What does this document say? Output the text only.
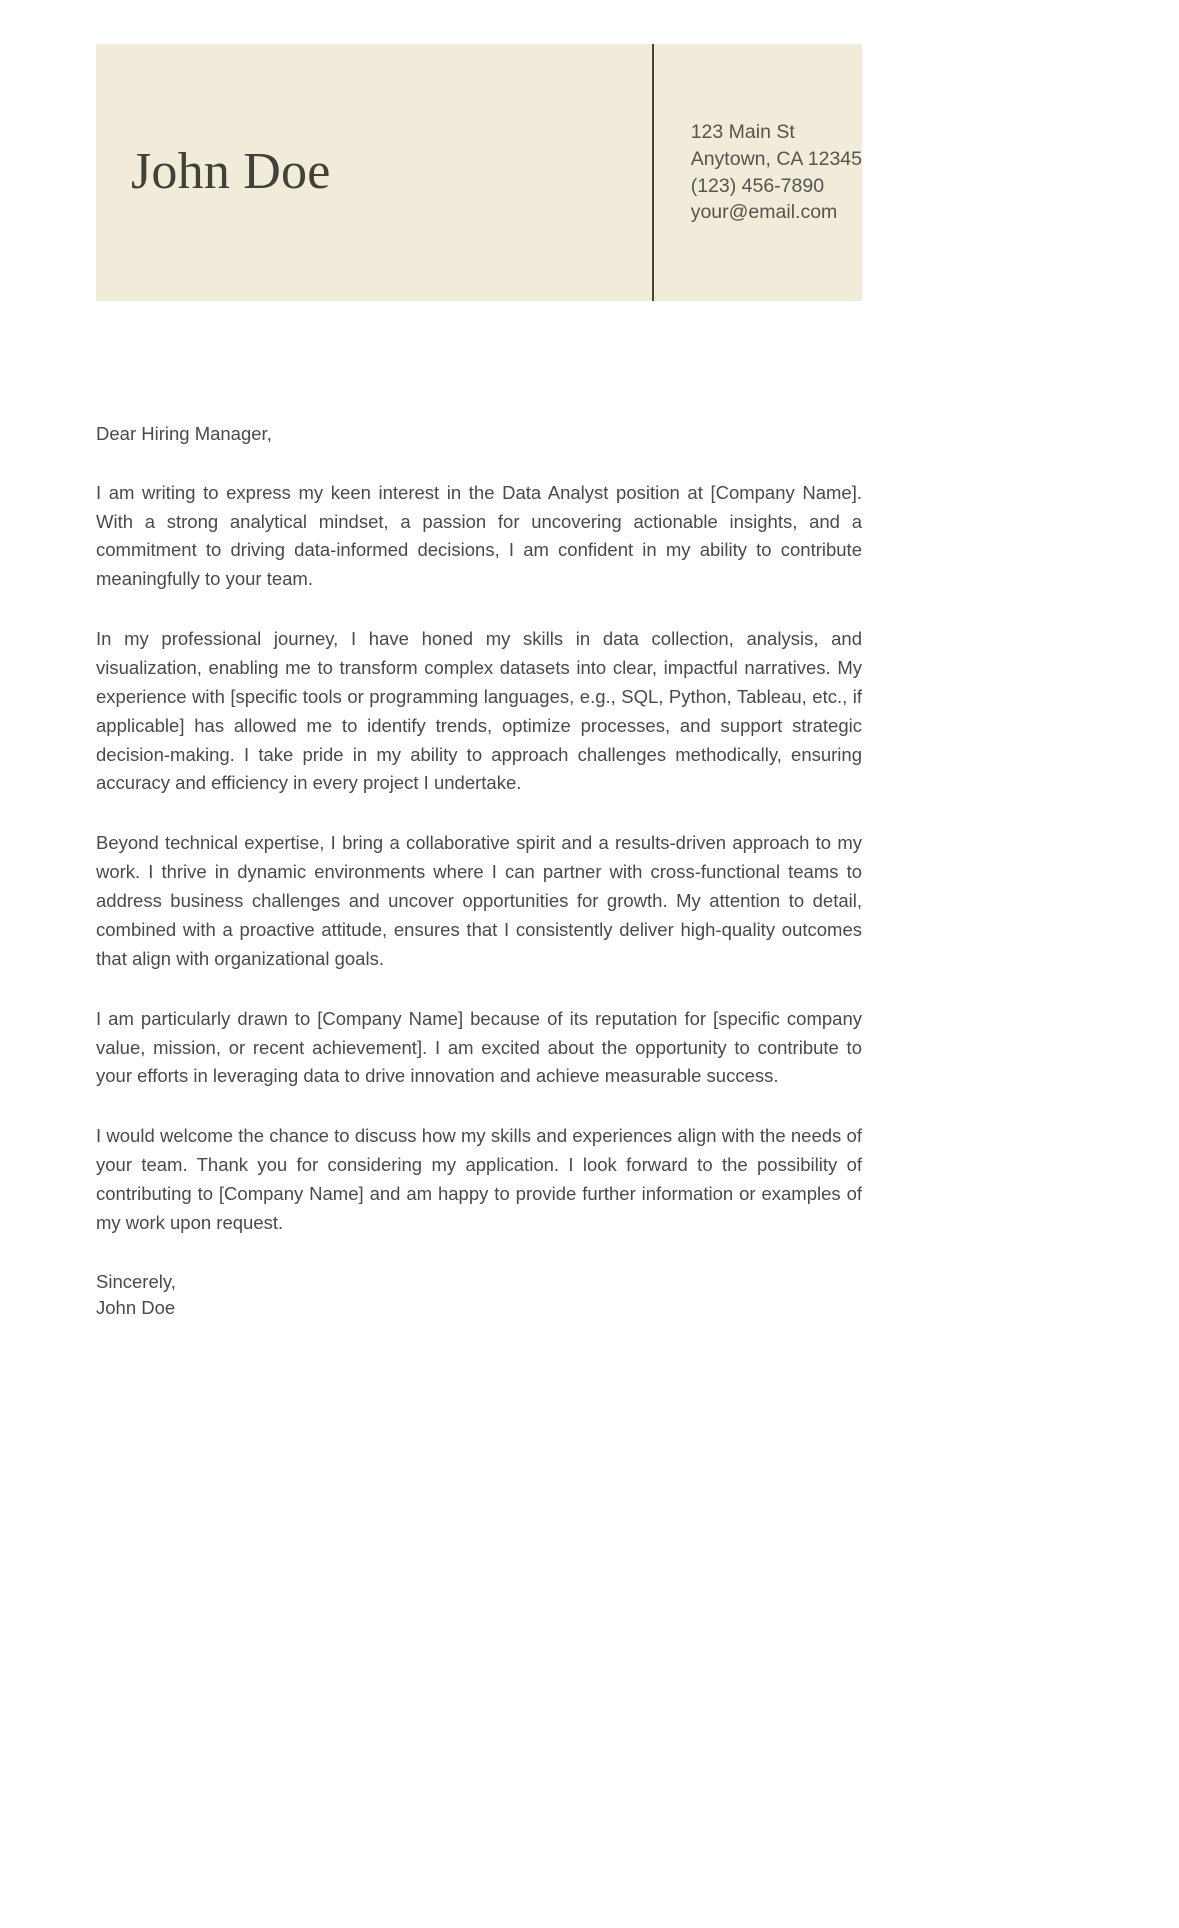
John Doe
123 Main St
Anytown, CA 12345
(123) 456-7890
your@email.com
Dear Hiring Manager,

I am writing to express my keen interest in the Data Analyst position at [Company Name]. With a strong analytical mindset, a passion for uncovering actionable insights, and a commitment to driving data-informed decisions, I am confident in my ability to contribute meaningfully to your team.

In my professional journey, I have honed my skills in data collection, analysis, and visualization, enabling me to transform complex datasets into clear, impactful narratives. My experience with [specific tools or programming languages, e.g., SQL, Python, Tableau, etc., if applicable] has allowed me to identify trends, optimize processes, and support strategic decision-making. I take pride in my ability to approach challenges methodically, ensuring accuracy and efficiency in every project I undertake.

Beyond technical expertise, I bring a collaborative spirit and a results-driven approach to my work. I thrive in dynamic environments where I can partner with cross-functional teams to address business challenges and uncover opportunities for growth. My attention to detail, combined with a proactive attitude, ensures that I consistently deliver high-quality outcomes that align with organizational goals.

I am particularly drawn to [Company Name] because of its reputation for [specific company value, mission, or recent achievement]. I am excited about the opportunity to contribute to your efforts in leveraging data to drive innovation and achieve measurable success.

I would welcome the chance to discuss how my skills and experiences align with the needs of your team. Thank you for considering my application. I look forward to the possibility of contributing to [Company Name] and am happy to provide further information or examples of my work upon request.

Sincerely,
John Doe
